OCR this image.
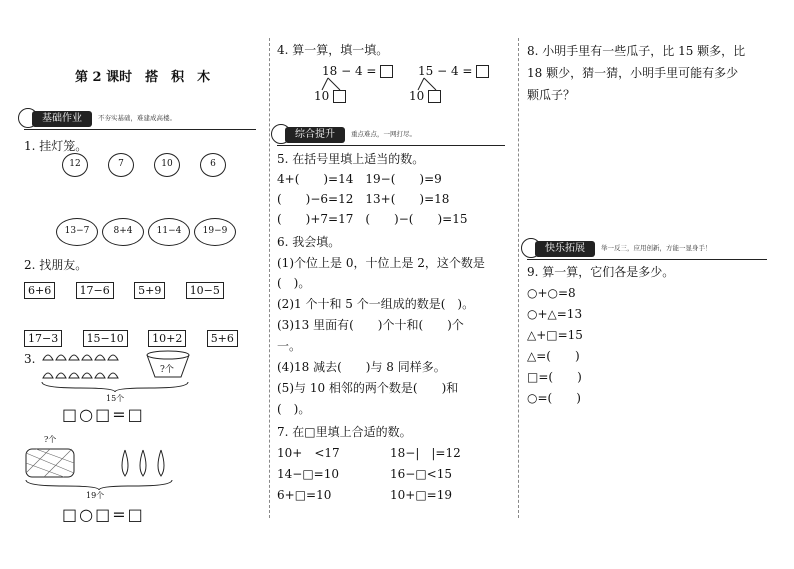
第 2 课时　搭　积　木
基础作业	不夯实基础，难建成高楼。
1. 挂灯笼。
12	7	10	6
13−7	8+4	11−4	19−9
2. 找朋友。
6+6	17−6	5+9	10−5
17−3	15−10	10+2	5+6
3.
?个
15个
□○□=□
?个
19个
□○□=□
4. 算一算，填一填。
18 − 4 =	15 − 4 =
10	10
综合提升	重点难点，一网打尽。
5. 在括号里填上适当的数。
4+(　　)=14　19−(　　)=9
(　　)−6=12　13+(　　)=18
(　　)+7=17　(　　)−(　　)=15
6. 我会填。
(1)个位上是 0，十位上是 2，这个数是
(　)。
(2)1 个十和 5 个一组成的数是(　)。
(3)13 里面有(　　)个十和(　　)个
一。
(4)18 减去(　　)与 8 同样多。
(5)与 10 相邻的两个数是(　　)和
(　)。
7. 在□里填上合适的数。
10+　<17
14−□=10
6+□=10
18−|　|=12
16−□<15
10+□=19
8. 小明手里有一些瓜子，比 15 颗多，比
18 颗少，猜一猜，小明手里可能有多少
颗瓜子？
快乐拓展	举一反三，应用创新，方能一显身手！
9. 算一算，它们各是多少。
○+○=8
○+△=13
△+□=15
△=(　　)
□=(　　)
○=(　　)
